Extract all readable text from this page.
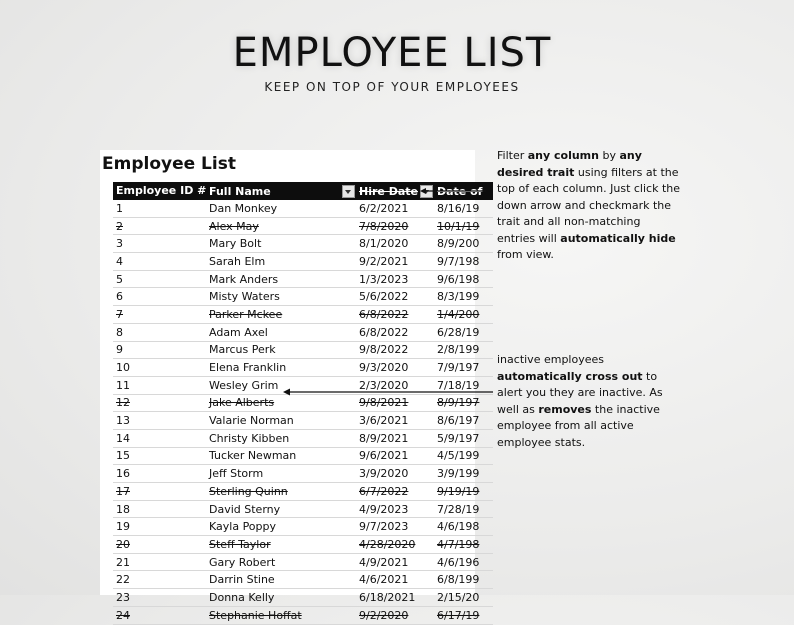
EMPLOYEE LIST
KEEP ON TOP OF YOUR EMPLOYEES
Employee List
Employee ID #	Full Name	Hire Date	Date of
1	Dan Monkey	6/2/2021	8/16/19
2	Alex May	7/8/2020	10/1/19
3	Mary Bolt	8/1/2020	8/9/200
4	Sarah Elm	9/2/2021	9/7/198
5	Mark Anders	1/3/2023	9/6/198
6	Misty Waters	5/6/2022	8/3/199
7	Parker Mckee	6/8/2022	1/4/200
8	Adam Axel	6/8/2022	6/28/19
9	Marcus Perk	9/8/2022	2/8/199
10	Elena Franklin	9/3/2020	7/9/197
11	Wesley Grim	2/3/2020	7/18/19
12	Jake Alberts	9/8/2021	8/9/197
13	Valarie Norman	3/6/2021	8/6/197
14	Christy Kibben	8/9/2021	5/9/197
15	Tucker Newman	9/6/2021	4/5/199
16	Jeff Storm	3/9/2020	3/9/199
17	Sterling Quinn	6/7/2022	9/19/19
18	David Sterny	4/9/2023	7/28/19
19	Kayla Poppy	9/7/2023	4/6/198
20	Steff Taylor	4/28/2020	4/7/198
21	Gary Robert	4/9/2021	4/6/196
22	Darrin Stine	4/6/2021	6/8/199
23	Donna Kelly	6/18/2021	2/15/20
24	Stephanie Hoffat	9/2/2020	6/17/19
Filter any column by any desired trait using filters at the top of each column. Just click the down arrow and checkmark the trait and all non-matching entries will automatically hide from view.
inactive employees automatically cross out to alert you they are inactive. As well as removes the inactive employee from all active employee stats.
